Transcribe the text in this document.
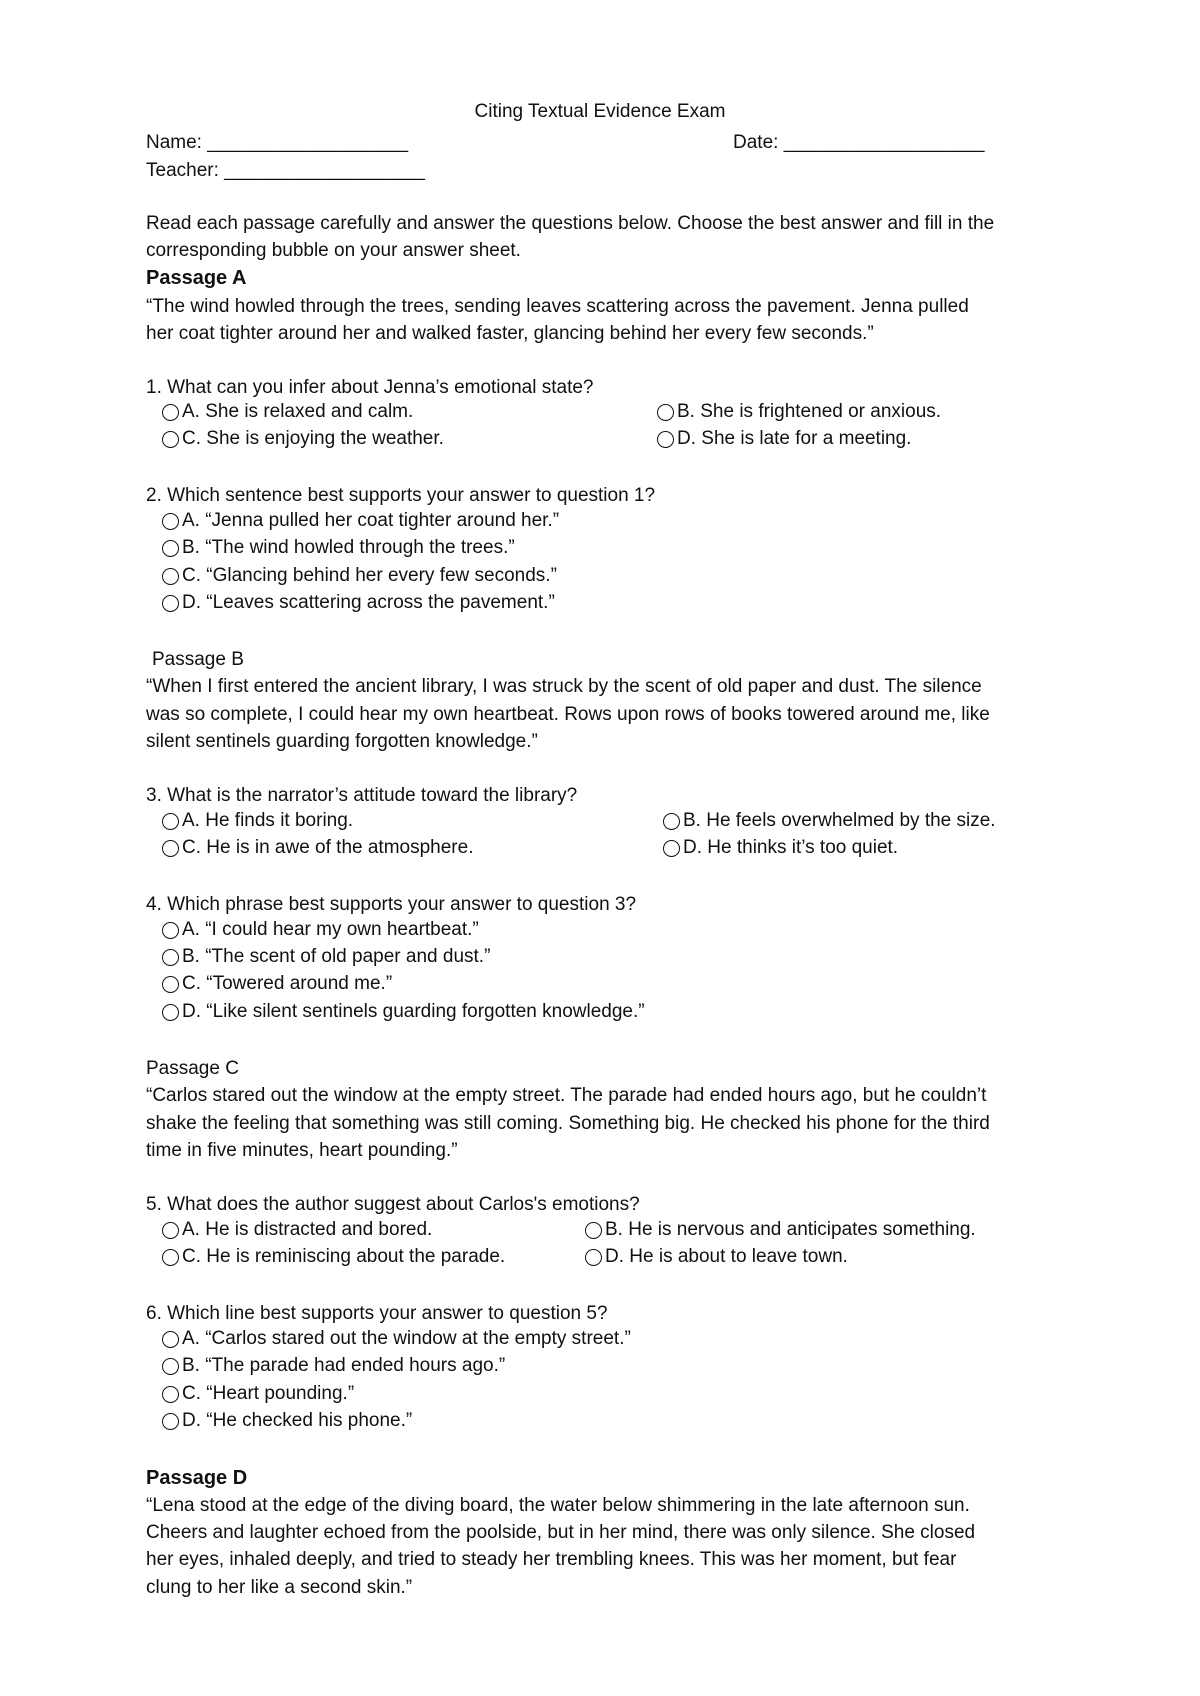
Citing Textual Evidence Exam
Name: ___________________	Date: ___________________
Teacher: ___________________
Read each passage carefully and answer the questions below. Choose the best answer and fill in the
corresponding bubble on your answer sheet.
Passage A
“The wind howled through the trees, sending leaves scattering across the pavement. Jenna pulled
her coat tighter around her and walked faster, glancing behind her every few seconds.”
1. What can you infer about Jenna’s emotional state?
A. She is relaxed and calm.	B. She is frightened or anxious.
C. She is enjoying the weather.	D. She is late for a meeting.
2. Which sentence best supports your answer to question 1?
A. “Jenna pulled her coat tighter around her.”
B. “The wind howled through the trees.”
C. “Glancing behind her every few seconds.”
D. “Leaves scattering across the pavement.”
Passage B
“When I first entered the ancient library, I was struck by the scent of old paper and dust. The silence
was so complete, I could hear my own heartbeat. Rows upon rows of books towered around me, like
silent sentinels guarding forgotten knowledge.”
3. What is the narrator’s attitude toward the library?
A. He finds it boring.	B. He feels overwhelmed by the size.
C. He is in awe of the atmosphere.	D. He thinks it’s too quiet.
4. Which phrase best supports your answer to question 3?
A. “I could hear my own heartbeat.”
B. “The scent of old paper and dust.”
C. “Towered around me.”
D. “Like silent sentinels guarding forgotten knowledge.”
Passage C
“Carlos stared out the window at the empty street. The parade had ended hours ago, but he couldn’t
shake the feeling that something was still coming. Something big. He checked his phone for the third
time in five minutes, heart pounding.”
5. What does the author suggest about Carlos's emotions?
A. He is distracted and bored.	B. He is nervous and anticipates something.
C. He is reminiscing about the parade.	D. He is about to leave town.
6. Which line best supports your answer to question 5?
A. “Carlos stared out the window at the empty street.”
B. “The parade had ended hours ago.”
C. “Heart pounding.”
D. “He checked his phone.”
Passage D
“Lena stood at the edge of the diving board, the water below shimmering in the late afternoon sun.
Cheers and laughter echoed from the poolside, but in her mind, there was only silence. She closed
her eyes, inhaled deeply, and tried to steady her trembling knees. This was her moment, but fear
clung to her like a second skin.”
